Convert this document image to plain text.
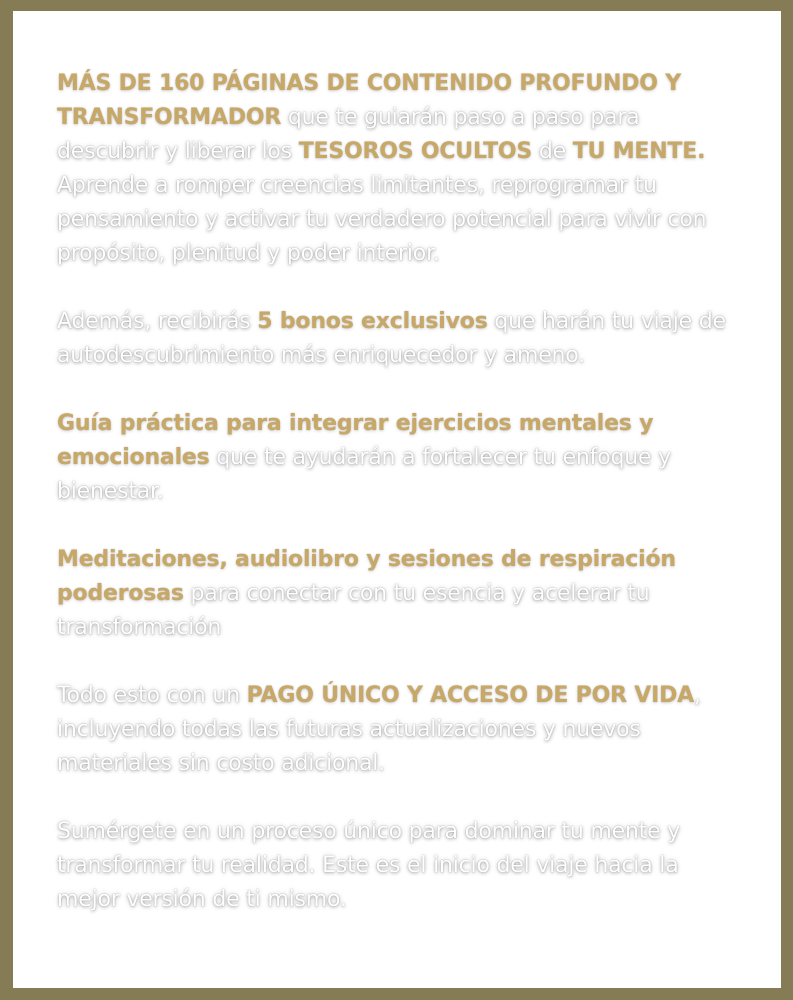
MÁS DE 160 PÁGINAS DE CONTENIDO PROFUNDO Y TRANSFORMADOR que te guiarán paso a paso para descubrir y liberar los TESOROS OCULTOS de TU MENTE. Aprende a romper creencias limitantes, reprogramar tu pensamiento y activar tu verdadero potencial para vivir con propósito, plenitud y poder interior.

Además, recibirás 5 bonos exclusivos que harán tu viaje de autodescubrimiento más enriquecedor y ameno.

Guía práctica para integrar ejercicios mentales y emocionales que te ayudarán a fortalecer tu enfoque y bienestar.

Meditaciones, audiolibro y sesiones de respiración poderosas para conectar con tu esencia y acelerar tu transformación

Todo esto con un PAGO ÚNICO Y ACCESO DE POR VIDA, incluyendo todas las futuras actualizaciones y nuevos materiales sin costo adicional.

Sumérgete en un proceso único para dominar tu mente y transformar tu realidad. Este es el inicio del viaje hacia la mejor versión de ti mismo.
